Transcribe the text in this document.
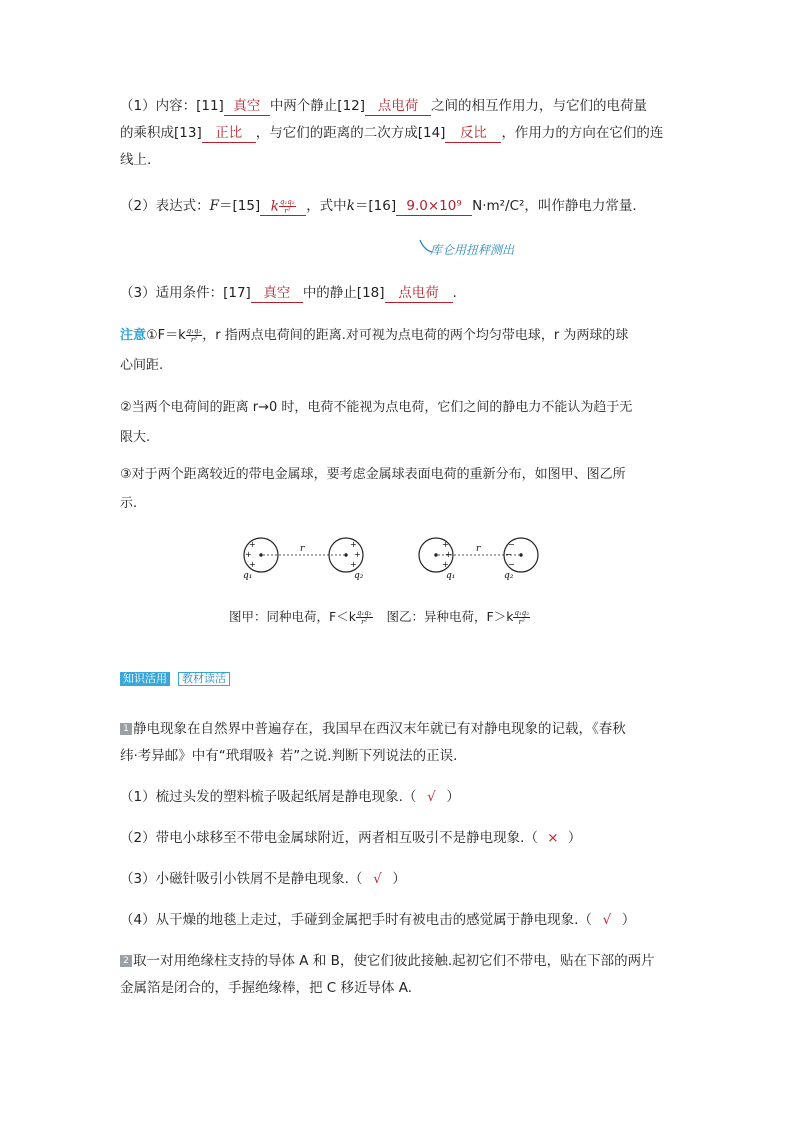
（1）内容：[11] 真空 中两个静止[12] 点电荷 之间的相互作用力，与它们的电荷量
的乘积成[13] 正比 ，与它们的距离的二次方成[14] 反比 ，作用力的方向在它们的连
线上.
（2）表达式：F＝[15] k $\frac{\text{q₁q₂}}{\text{r²}}$ ，式中k＝[16] 9.0×10⁹ N·m²/C²，叫作静电力常量.
库仑用扭秤测出
（3）适用条件：[17] 真空 中的静止[18] 点电荷 .
注意①F＝k $\frac{\text{q₁q₂}}{\text{r²}}$ ，r 指两点电荷间的距离.对可视为点电荷的两个均匀带电球，r 为两球的球
心间距.
②当两个电荷间的距离 r→0 时，电荷不能视为点电荷，它们之间的静电力不能认为趋于无
限大.
③对于两个距离较近的带电金属球，要考虑金属球表面电荷的重新分布，如图甲、图乙所
示.
+
+
+
r	+
+
+
q₁	q₂
+
+
+
r	−
−
−
q₁	q₂
图甲：同种电荷，$F<k \frac{\text{q₁q₂}}{\text{r²}}$ 图乙：异种电荷，$F>k \frac{\text{q₁q₂}}{\text{r²}}$
知识活用	教材读活
1 静电现象在自然界中普遍存在，我国早在西汉末年就已有对静电现象的记载，《春秋
纬·考异邮》中有“玳瑁吸衤若”之说.判断下列说法的正误.
（1）梳过头发的塑料梳子吸起纸屑是静电现象.（ √ ）
（2）带电小球移至不带电金属球附近，两者相互吸引不是静电现象.（ × ）
（3）小磁针吸引小铁屑不是静电现象.（ √ ）
（4）从干燥的地毯上走过，手碰到金属把手时有被电击的感觉属于静电现象.（ √ ）
2 取一对用绝缘柱支持的导体 A 和 B，使它们彼此接触.起初它们不带电，贴在下部的两片
金属箔是闭合的，手握绝缘棒，把 C 移近导体 A.
